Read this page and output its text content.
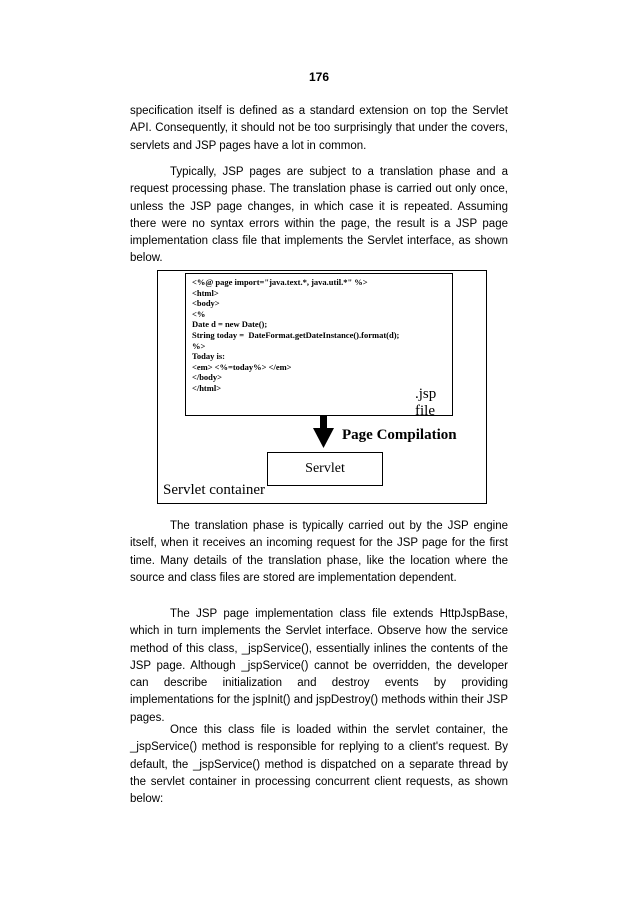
176

specification itself is defined as a standard extension on top the Servlet API. Consequently, it should not be too surprisingly that under the covers, servlets and JSP pages have a lot in common.

Typically, JSP pages are subject to a translation phase and a request processing phase. The translation phase is carried out only once, unless the JSP page changes, in which case it is repeated. Assuming there were no syntax errors within the page, the result is a JSP page implementation class file that implements the Servlet interface, as shown below.

<%@ page import="java.text.*, java.util.*" %>
<html>
<body>
<%
Date d = new Date();
String today =  DateFormat.getDateInstance().format(d);
%>
Today is:
<em> <%=today%> </em>
</body>
</html>	.jsp file
Page Compilation
Servlet
Servlet container

The translation phase is typically carried out by the JSP engine itself, when it receives an incoming request for the JSP page for the first time. Many details of the translation phase, like the location where the source and class files are stored are implementation dependent.

The JSP page implementation class file extends HttpJspBase, which in turn implements the Servlet interface. Observe how the service method of this class, _jspService(), essentially inlines the contents of the JSP page. Although _jspService() cannot be overridden, the developer can describe initialization and destroy events by providing implementations for the jspInit() and jspDestroy() methods within their JSP pages.

Once this class file is loaded within the servlet container, the _jspService() method is responsible for replying to a client's request. By default, the _jspService() method is dispatched on a separate thread by the servlet container in processing concurrent client requests, as shown below:
